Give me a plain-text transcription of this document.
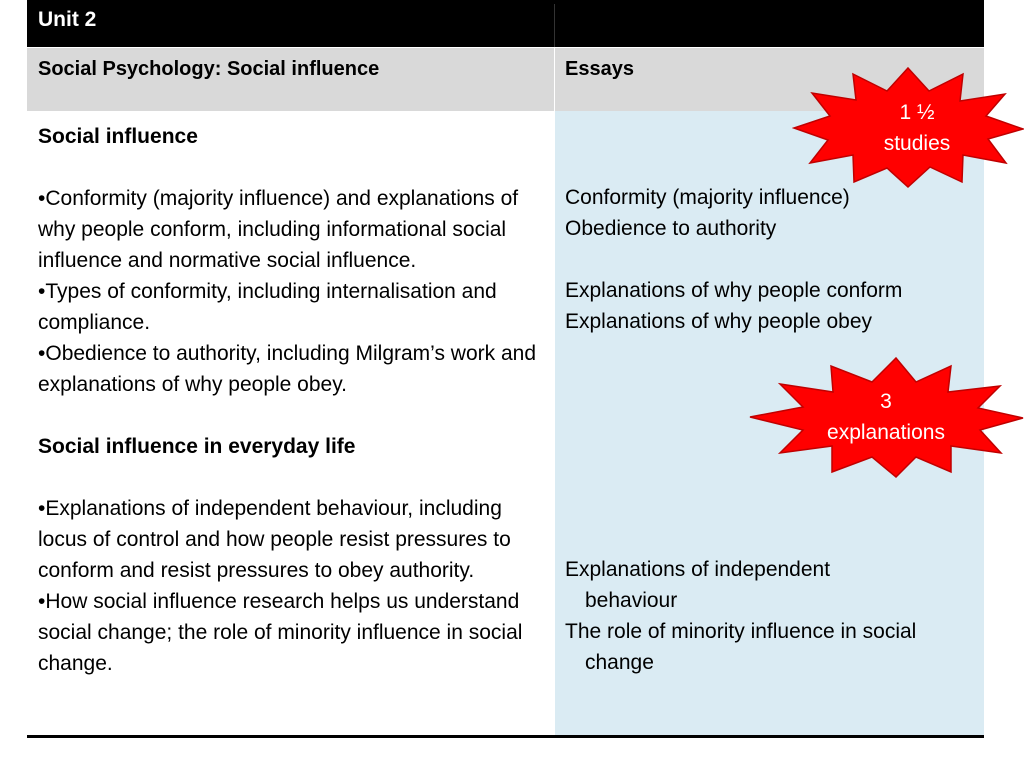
Unit 2
Social Psychology: Social influence	Essays
Social influence
• Conformity (majority influence) and explanations of why people conform, including informational social influence and normative social influence.
• Types of conformity, including internalisation and compliance.
• Obedience to authority, including Milgram’s work and explanations of why people obey.
Social influence in everyday life
• Explanations of independent behaviour, including locus of control and how people resist pressures to conform and resist pressures to obey authority.
• How social influence research helps us understand social change; the role of minority influence in social change.
Conformity (majority influence)
Obedience to authority
Explanations of why people conform
Explanations of why people obey
Explanations of independent behaviour
The role of minority influence in social change
1 ½
studies
3
explanations
